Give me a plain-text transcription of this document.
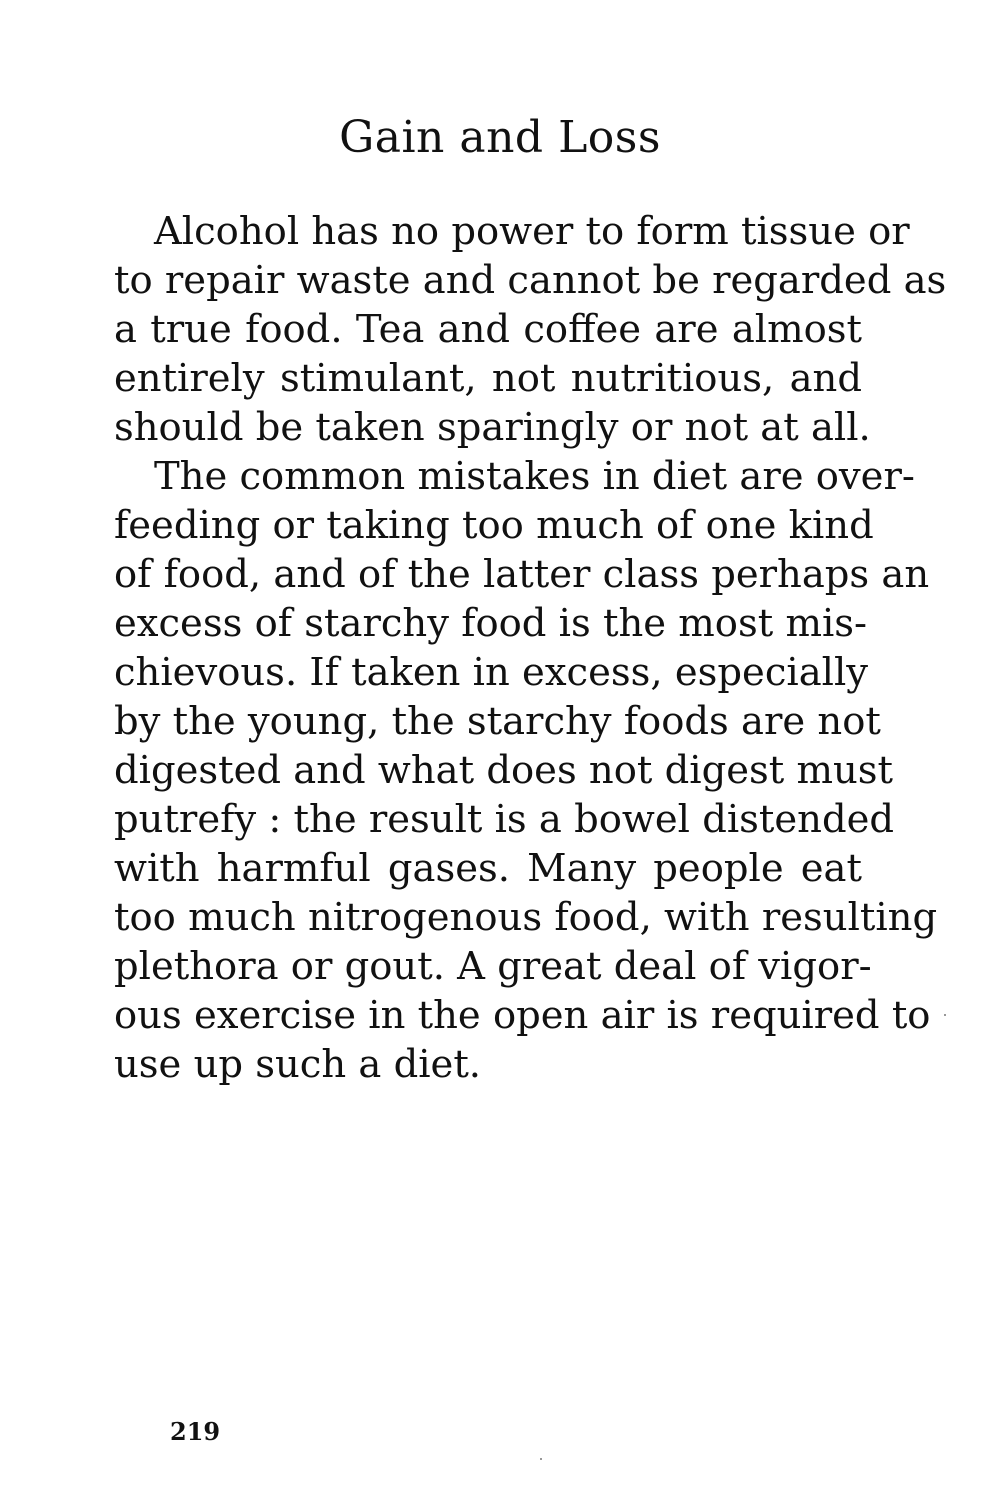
Gain and Loss
Alcohol has no power to form tissue or
to repair waste and cannot be regarded as
a true food. Tea and coffee are almost
entirely stimulant, not nutritious, and
should be taken sparingly or not at all.
The common mistakes in diet are over-
feeding or taking too much of one kind
of food, and of the latter class perhaps an
excess of starchy food is the most mis-
chievous. If taken in excess, especially
by the young, the starchy foods are not
digested and what does not digest must
putrefy : the result is a bowel distended
with harmful gases. Many people eat
too much nitrogenous food, with resulting
plethora or gout. A great deal of vigor-
ous exercise in the open air is required to
use up such a diet.
219
